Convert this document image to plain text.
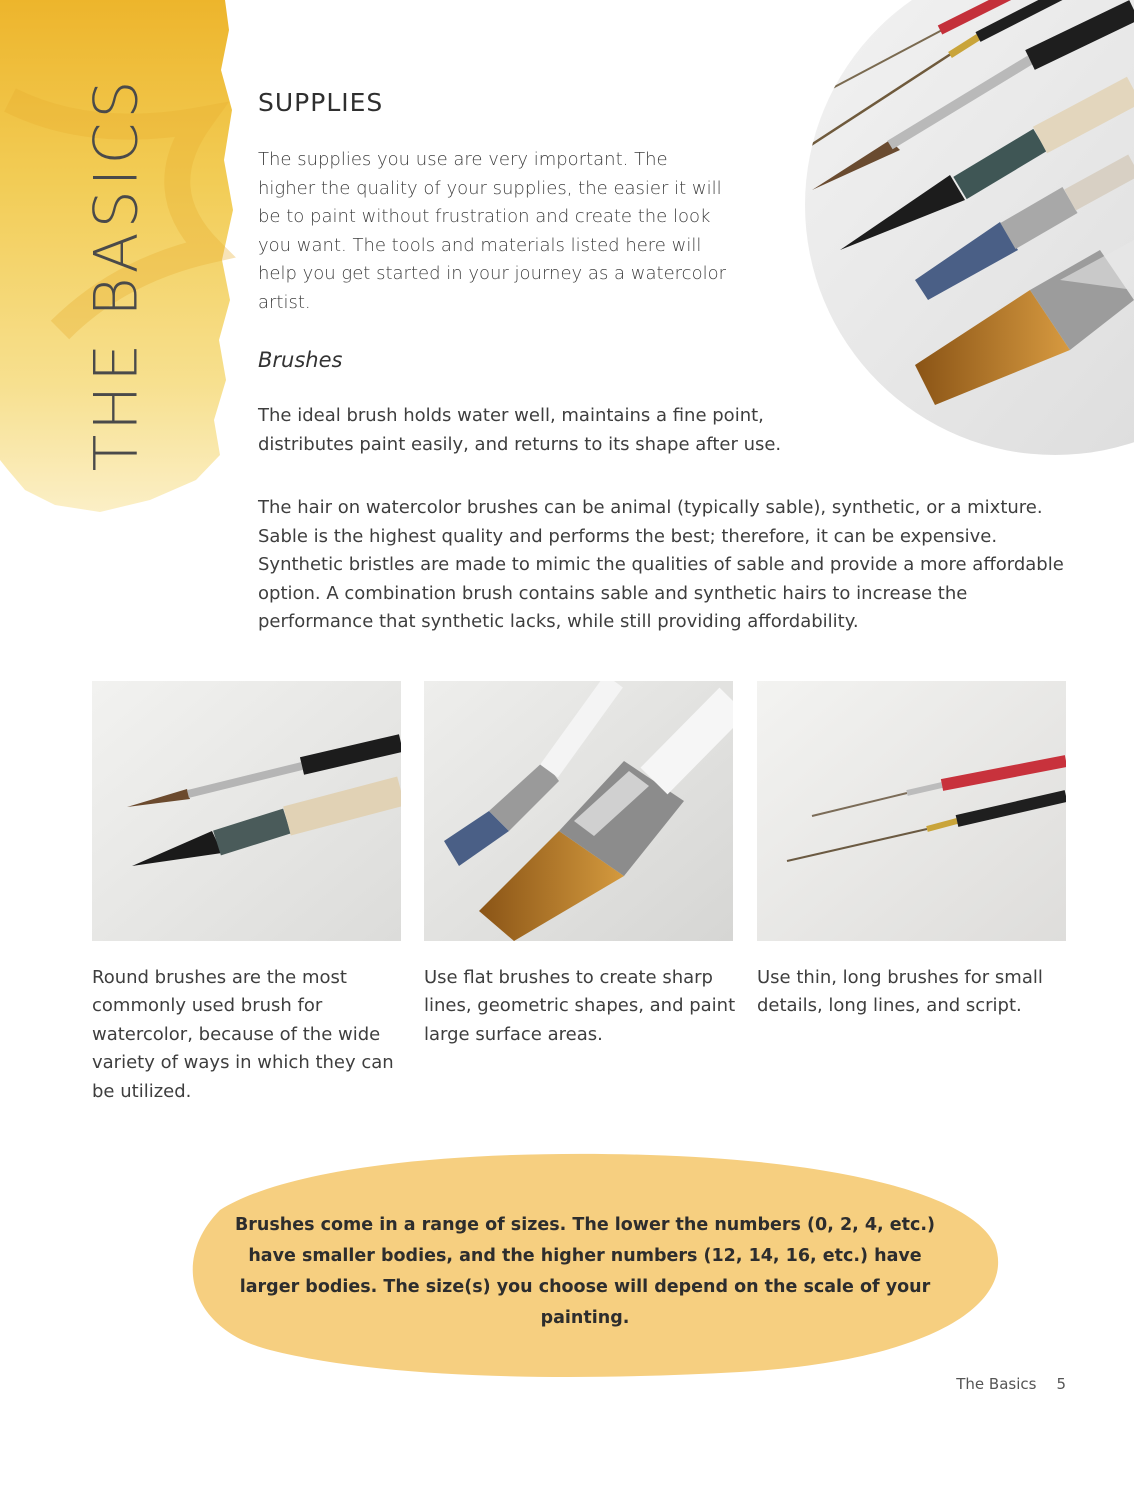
THE BASICS	SUPPLIES

The supplies you use are very important. The higher the quality of your supplies, the easier it will be to paint without frustration and create the look you want. The tools and materials listed here will help you get started in your journey as a watercolor artist.

Brushes

The ideal brush holds water well, maintains a fine point, distributes paint easily, and returns to its shape after use.

The hair on watercolor brushes can be animal (typically sable), synthetic, or a mixture. Sable is the highest quality and performs the best; therefore, it can be expensive. Synthetic bristles are made to mimic the qualities of sable and provide a more affordable option. A combination brush contains sable and synthetic hairs to increase the performance that synthetic lacks, while still providing affordability.

Round brushes are the most commonly used brush for watercolor, because of the wide variety of ways in which they can be utilized.

Use flat brushes to create sharp lines, geometric shapes, and paint large surface areas.

Use thin, long brushes for small details, long lines, and script.

Brushes come in a range of sizes. The lower the numbers (0, 2, 4, etc.) have smaller bodies, and the higher numbers (12, 14, 16, etc.) have larger bodies. The size(s) you choose will depend on the scale of your painting.

The Basics 5
